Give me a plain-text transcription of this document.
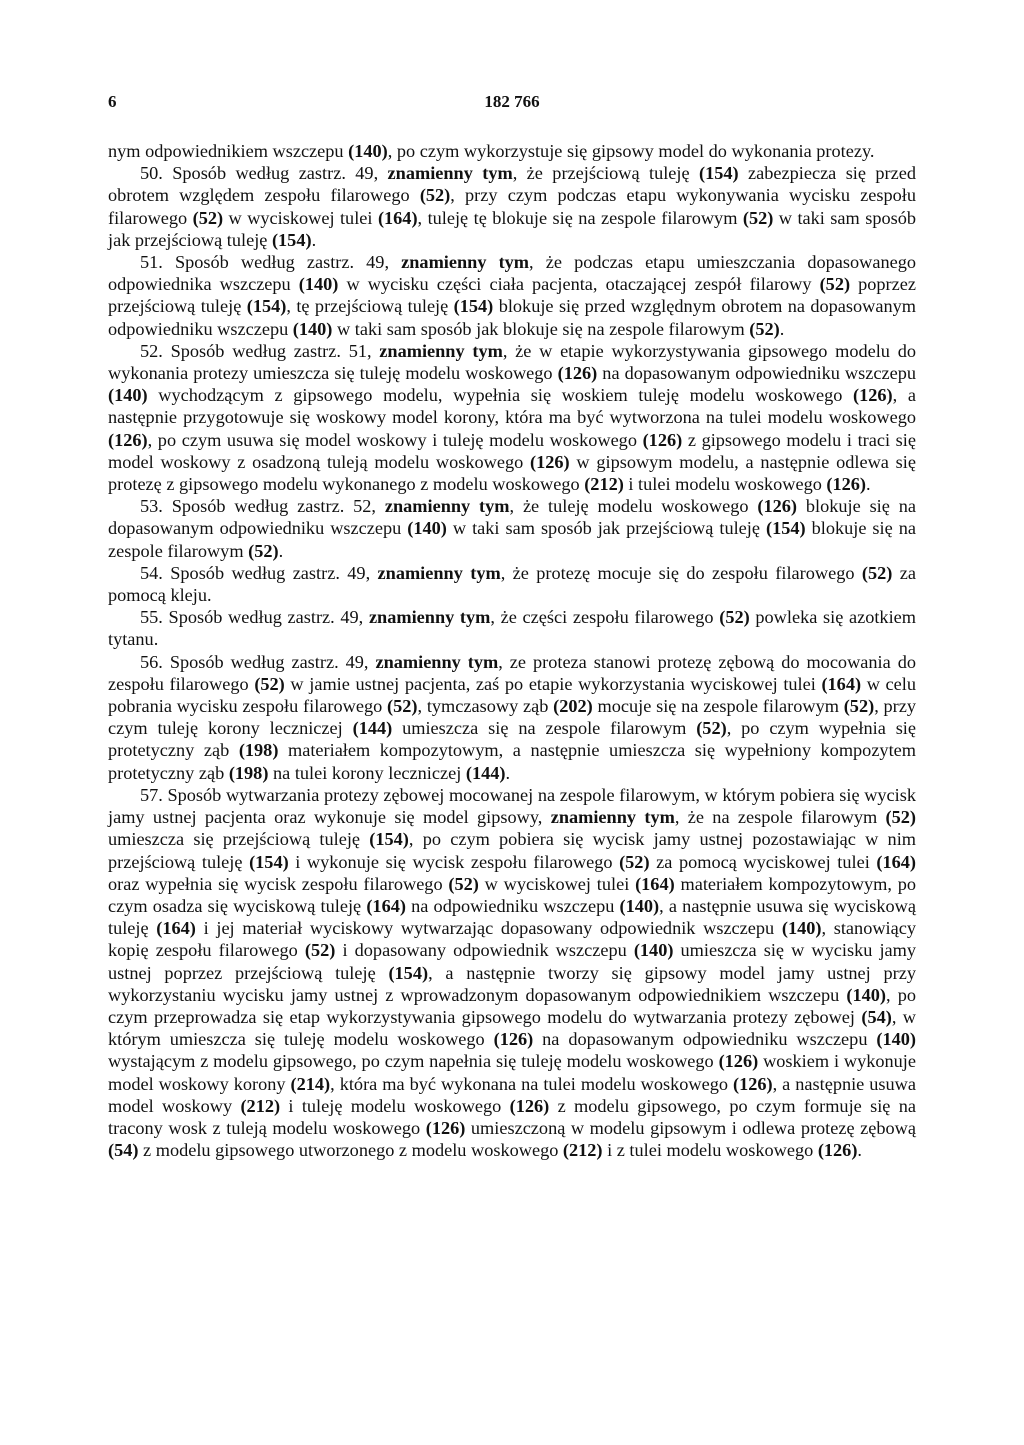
6	182 766

nym odpowiednikiem wszczepu (140), po czym wykorzystuje się gipsowy model do wykonania protezy.

50. Sposób według zastrz. 49, znamienny tym, że przejściową tuleję (154) zabezpiecza się przed obrotem względem zespołu filarowego (52), przy czym podczas etapu wykonywania wycisku zespołu filarowego (52) w wyciskowej tulei (164), tuleję tę blokuje się na zespole filarowym (52) w taki sam sposób jak przejściową tuleję (154).

51. Sposób według zastrz. 49, znamienny tym, że podczas etapu umieszczania dopasowanego odpowiednika wszczepu (140) w wycisku części ciała pacjenta, otaczającej zespół filarowy (52) poprzez przejściową tuleję (154), tę przejściową tuleję (154) blokuje się przed względnym obrotem na dopasowanym odpowiedniku wszczepu (140) w taki sam sposób jak blokuje się na zespole filarowym (52).

52. Sposób według zastrz. 51, znamienny tym, że w etapie wykorzystywania gipsowego modelu do wykonania protezy umieszcza się tuleję modelu woskowego (126) na dopasowanym odpowiedniku wszczepu (140) wychodzącym z gipsowego modelu, wypełnia się woskiem tuleję modelu woskowego (126), a następnie przygotowuje się woskowy model korony, która ma być wytworzona na tulei modelu woskowego (126), po czym usuwa się model woskowy i tuleję modelu woskowego (126) z gipsowego modelu i traci się model woskowy z osadzoną tuleją modelu woskowego (126) w gipsowym modelu, a następnie odlewa się protezę z gipsowego modelu wykonanego z modelu woskowego (212) i tulei modelu woskowego (126).

53. Sposób według zastrz. 52, znamienny tym, że tuleję modelu woskowego (126) blokuje się na dopasowanym odpowiedniku wszczepu (140) w taki sam sposób jak przejściową tuleję (154) blokuje się na zespole filarowym (52).

54. Sposób według zastrz. 49, znamienny tym, że protezę mocuje się do zespołu filarowego (52) za pomocą kleju.

55. Sposób według zastrz. 49, znamienny tym, że części zespołu filarowego (52) powleka się azotkiem tytanu.

56. Sposób według zastrz. 49, znamienny tym, ze proteza stanowi protezę zębową do mocowania do zespołu filarowego (52) w jamie ustnej pacjenta, zaś po etapie wykorzystania wyciskowej tulei (164) w celu pobrania wycisku zespołu filarowego (52), tymczasowy ząb (202) mocuje się na zespole filarowym (52), przy czym tuleję korony leczniczej (144) umieszcza się na zespole filarowym (52), po czym wypełnia się protetyczny ząb (198) materiałem kompozytowym, a następnie umieszcza się wypełniony kompozytem protetyczny ząb (198) na tulei korony leczniczej (144).

57. Sposób wytwarzania protezy zębowej mocowanej na zespole filarowym, w którym pobiera się wycisk jamy ustnej pacjenta oraz wykonuje się model gipsowy, znamienny tym, że na zespole filarowym (52) umieszcza się przejściową tuleję (154), po czym pobiera się wycisk jamy ustnej pozostawiając w nim przejściową tuleję (154) i wykonuje się wycisk zespołu filarowego (52) za pomocą wyciskowej tulei (164) oraz wypełnia się wycisk zespołu filarowego (52) w wyciskowej tulei (164) materiałem kompozytowym, po czym osadza się wyciskową tuleję (164) na odpowiedniku wszczepu (140), a następnie usuwa się wyciskową tuleję (164) i jej materiał wyciskowy wytwarzając dopasowany odpowiednik wszczepu (140), stanowiący kopię zespołu filarowego (52) i dopasowany odpowiednik wszczepu (140) umieszcza się w wycisku jamy ustnej poprzez przejściową tuleję (154), a następnie tworzy się gipsowy model jamy ustnej przy wykorzystaniu wycisku jamy ustnej z wprowadzonym dopasowanym odpowiednikiem wszczepu (140), po czym przeprowadza się etap wykorzystywania gipsowego modelu do wytwarzania protezy zębowej (54), w którym umieszcza się tuleję modelu woskowego (126) na dopasowanym odpowiedniku wszczepu (140) wystającym z modelu gipsowego, po czym napełnia się tuleję modelu woskowego (126) woskiem i wykonuje model woskowy korony (214), która ma być wykonana na tulei modelu woskowego (126), a następnie usuwa model woskowy (212) i tuleję modelu woskowego (126) z modelu gipsowego, po czym formuje się na tracony wosk z tuleją modelu woskowego (126) umieszczoną w modelu gipsowym i odlewa protezę zębową (54) z modelu gipsowego utworzonego z modelu woskowego (212) i z tulei modelu woskowego (126).
